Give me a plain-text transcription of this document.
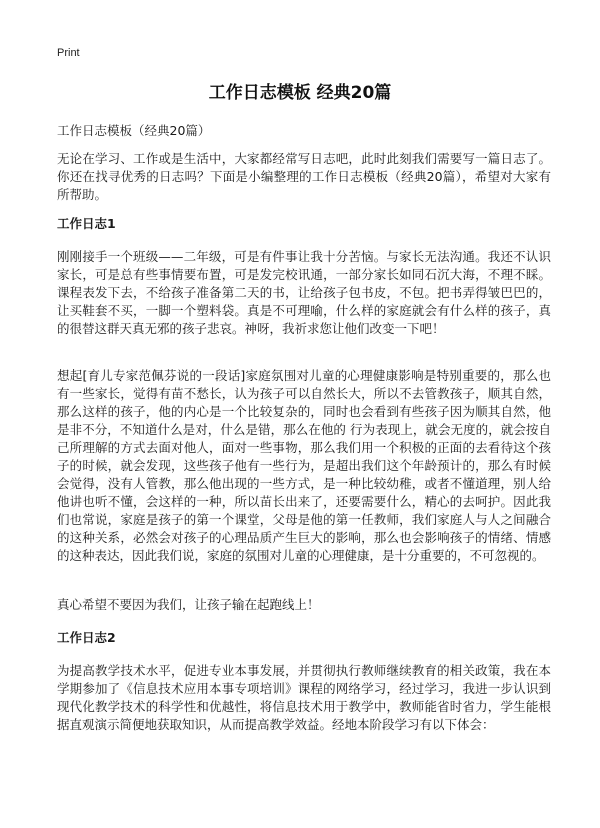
Print
工作日志模板 经典20篇
工作日志模板（经典20篇）
无论在学习、工作或是生活中，大家都经常写日志吧，此时此刻我们需要写一篇日志了。你还在找寻优秀的日志吗？下面是小编整理的工作日志模板（经典20篇），希望对大家有所帮助。
工作日志1
刚刚接手一个班级——二年级，可是有件事让我十分苦恼。与家长无法沟通。我还不认识家长，可是总有些事情要布置，可是发完校讯通，一部分家长如同石沉大海，不理不睬。课程表发下去，不给孩子准备第二天的书，让给孩子包书皮，不包。把书弄得皱巴巴的，让买鞋套不买，一脚一个塑料袋。真是不可理喻，什么样的家庭就会有什么样的孩子，真的很替这群天真无邪的孩子悲哀。神呀，我祈求您让他们改变一下吧！
想起[育儿专家范佩芬说的一段话]家庭氛围对儿童的心理健康影响是特别重要的，那么也有一些家长，觉得有苗不愁长，认为孩子可以自然长大，所以不去管教孩子，顺其自然，那么这样的孩子，他的内心是一个比较复杂的，同时也会看到有些孩子因为顺其自然，他是非不分，不知道什么是对，什么是错，那么在他的 行为表现上，就会无度的，就会按自己所理解的方式去面对他人，面对一些事物，那么我们用一个积极的正面的去看待这个孩子的时候，就会发现，这些孩子他有一些行为，是超出我们这个年龄预计的，那么有时候会觉得，没有人管教，那么他出现的一些方式，是一种比较幼稚，或者不懂道理，别人给他讲也听不懂，会这样的一种，所以苗长出来了，还要需要什么，精心的去呵护。因此我们也常说，家庭是孩子的第一个课堂，父母是他的第一任教师，我们家庭人与人之间融合的这种关系，必然会对孩子的心理品质产生巨大的影响，那么也会影响孩子的情绪、情感的这种表达，因此我们说，家庭的氛围对儿童的心理健康，是十分重要的，不可忽视的。
真心希望不要因为我们，让孩子输在起跑线上！
工作日志2
为提高教学技术水平，促进专业本事发展，并贯彻执行教师继续教育的相关政策，我在本学期参加了《信息技术应用本事专项培训》课程的网络学习，经过学习，我进一步认识到现代化教学技术的科学性和优越性，将信息技术用于教学中，教师能省时省力，学生能根据直观演示简便地获取知识，从而提高教学效益。经地本阶段学习有以下体会：
